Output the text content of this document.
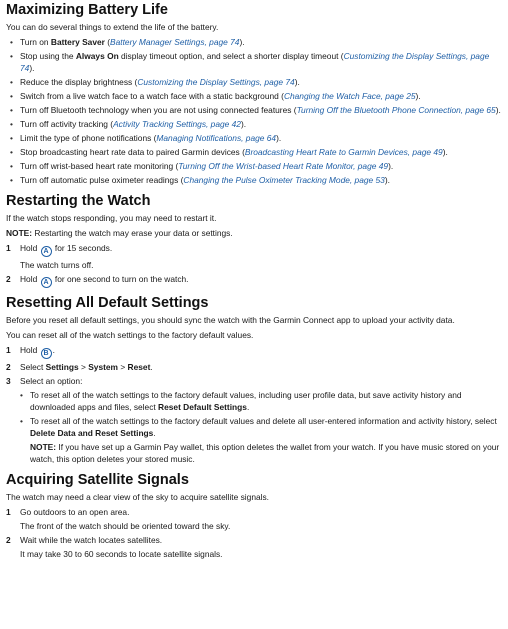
Maximizing Battery Life

You can do several things to extend the life of the battery.

• Turn on Battery Saver (Battery Manager Settings, page 74).
• Stop using the Always On display timeout option, and select a shorter display timeout (Customizing the Display Settings, page 74).
• Reduce the display brightness (Customizing the Display Settings, page 74).
• Switch from a live watch face to a watch face with a static background (Changing the Watch Face, page 25).
• Turn off Bluetooth technology when you are not using connected features (Turning Off the Bluetooth Phone Connection, page 65).
• Turn off activity tracking (Activity Tracking Settings, page 42).
• Limit the type of phone notifications (Managing Notifications, page 64).
• Stop broadcasting heart rate data to paired Garmin devices (Broadcasting Heart Rate to Garmin Devices, page 49).
• Turn off wrist-based heart rate monitoring (Turning Off the Wrist-based Heart Rate Monitor, page 49).
• Turn off automatic pulse oximeter readings (Changing the Pulse Oximeter Tracking Mode, page 53).
Restarting the Watch

If the watch stops responding, you may need to restart it.

NOTE: Restarting the watch may erase your data or settings.

1 Hold A for 15 seconds.
The watch turns off.
2 Hold A for one second to turn on the watch.
Resetting All Default Settings

Before you reset all default settings, you should sync the watch with the Garmin Connect app to upload your activity data.

You can reset all of the watch settings to the factory default values.

1 Hold B .
2 Select Settings > System > Reset.
3 Select an option:
• To reset all of the watch settings to the factory default values, including user profile data, but save activity history and downloaded apps and files, select Reset Default Settings.
• To reset all of the watch settings to the factory default values and delete all user-entered information and activity history, select Delete Data and Reset Settings.
NOTE: If you have set up a Garmin Pay wallet, this option deletes the wallet from your watch. If you have music stored on your watch, this option deletes your stored music.
Acquiring Satellite Signals

The watch may need a clear view of the sky to acquire satellite signals.

1 Go outdoors to an open area.
The front of the watch should be oriented toward the sky.
2 Wait while the watch locates satellites.
It may take 30 to 60 seconds to locate satellite signals.
